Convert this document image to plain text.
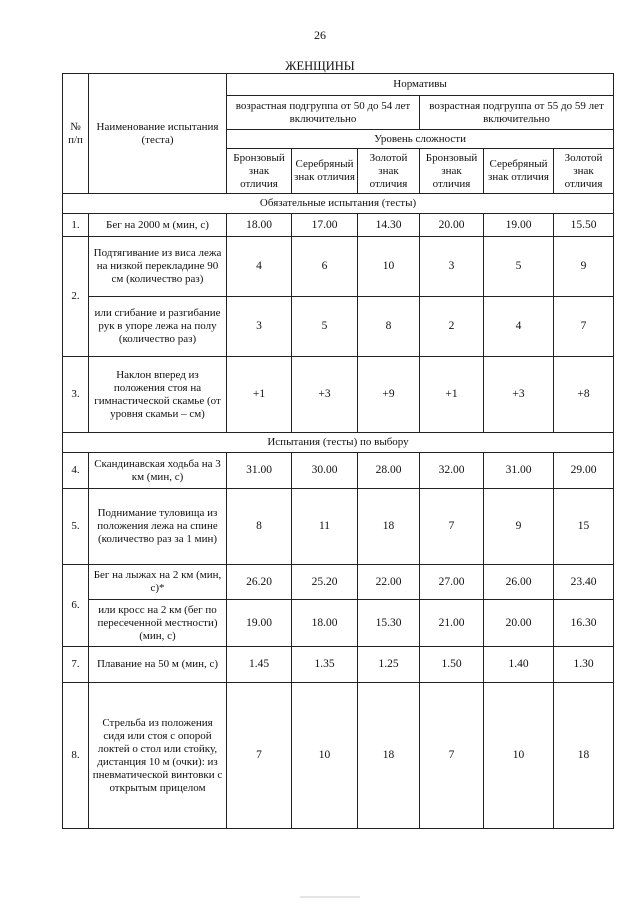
26
ЖЕНЩИНЫ
№ п/п	Наименование испытания (теста)	Нормативы					
		возрастная подгруппа от 50 до 54 лет включительно			возрастная подгруппа от 55 до 59 лет включительно		
		Уровень сложности					
		Бронзовый знак отличия	Серебряный знак отличия	Золотой знак отличия	Бронзовый знак отличия	Серебряный знак отличия	Золотой знак отличия
Обязательные испытания (тесты)							
1.	Бег на 2000 м (мин, с)	18.00	17.00	14.30	20.00	19.00	15.50
2.	Подтягивание из виса лежа на низкой перекладине 90 см (количество раз)	4	6	10	3	5	9
	или сгибание и разгибание рук в упоре лежа на полу (количество раз)	3	5	8	2	4	7
3.	Наклон вперед из положения стоя на гимнастической скамье (от уровня скамьи – см)	+1	+3	+9	+1	+3	+8
Испытания (тесты) по выбору							
4.	Скандинавская ходьба на 3 км (мин, с)	31.00	30.00	28.00	32.00	31.00	29.00
5.	Поднимание туловища из положения лежа на спине (количество раз за 1 мин)	8	11	18	7	9	15
6.	Бег на лыжах на 2 км (мин, с)*	26.20	25.20	22.00	27.00	26.00	23.40
	или кросс на 2 км (бег по пересеченной местности) (мин, с)	19.00	18.00	15.30	21.00	20.00	16.30
7.	Плавание на 50 м (мин, с)	1.45	1.35	1.25	1.50	1.40	1.30
8.	Стрельба из положения сидя или стоя с опорой локтей о стол или стойку, дистанция 10 м (очки): из пневматической винтовки с открытым прицелом	7	10	18	7	10	18
